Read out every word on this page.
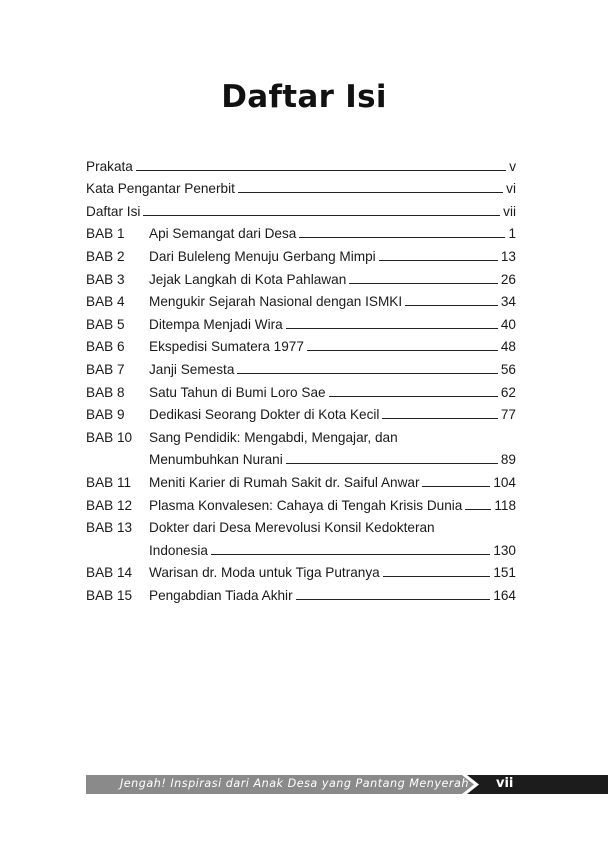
Daftar Isi
Prakata	v
Kata Pengantar Penerbit	vi
Daftar Isi	vii
BAB 1	Api Semangat dari Desa	1
BAB 2	Dari Buleleng Menuju Gerbang Mimpi	13
BAB 3	Jejak Langkah di Kota Pahlawan	26
BAB 4	Mengukir Sejarah Nasional dengan ISMKI	34
BAB 5	Ditempa Menjadi Wira	40
BAB 6	Ekspedisi Sumatera 1977	48
BAB 7	Janji Semesta	56
BAB 8	Satu Tahun di Bumi Loro Sae	62
BAB 9	Dedikasi Seorang Dokter di Kota Kecil	77
BAB 10	Sang Pendidik: Mengabdi, Mengajar, dan
Menumbuhkan Nurani	89
BAB 11	Meniti Karier di Rumah Sakit dr. Saiful Anwar	104
BAB 12	Plasma Konvalesen: Cahaya di Tengah Krisis Dunia 118
BAB 13	Dokter dari Desa Merevolusi Konsil Kedokteran
Indonesia	130
BAB 14	Warisan dr. Moda untuk Tiga Putranya	151
BAB 15	Pengabdian Tiada Akhir	164
Jengah! Inspirasi dari Anak Desa yang Pantang Menyerah vii
